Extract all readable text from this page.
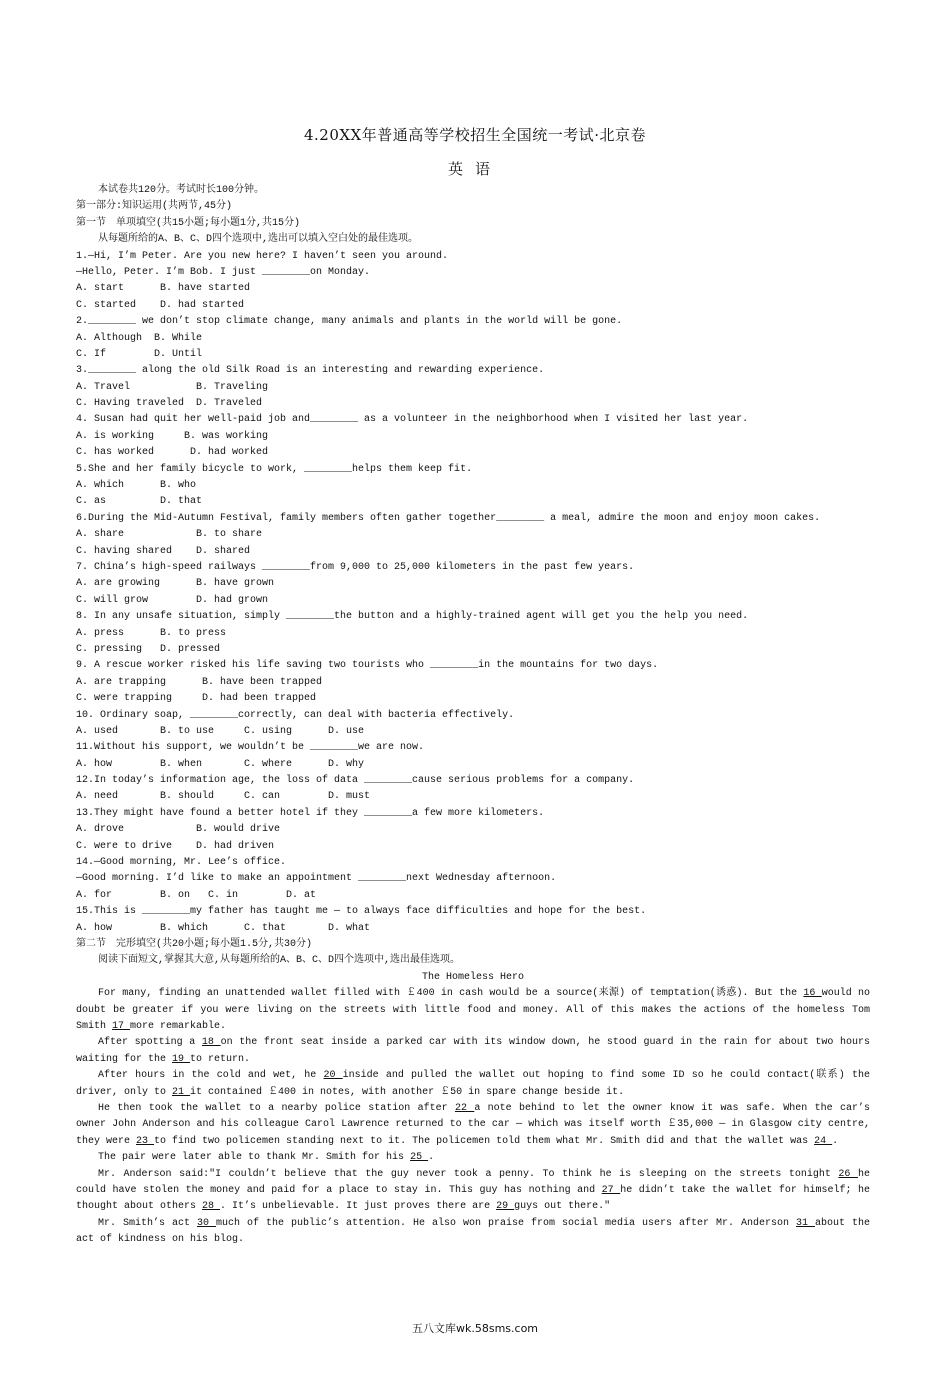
4.20XX年普通高等学校招生全国统一考试·北京卷
英语
本试卷共120分。考试时长100分钟。
第一部分:知识运用(共两节,45分)
第一节　单项填空(共15小题;每小题1分,共15分)
从每题所给的A、B、C、D四个选项中,选出可以填入空白处的最佳选项。
1.—Hi, I’m Peter. Are you new here? I haven’t seen you around.
—Hello, Peter. I’m Bob. I just ________on Monday.
A. start      B. have started
C. started    D. had started
2.________ we don’t stop climate change, many animals and plants in the world will be gone.
A. Although  B. While
C. If        D. Until
3.________ along the old Silk Road is an interesting and rewarding experience.
A. Travel           B. Traveling
C. Having traveled  D. Traveled
4. Susan had quit her well-paid job and________ as a volunteer in the neighborhood when I visited her last year.
A. is working     B. was working
C. has worked      D. had worked
5.She and her family bicycle to work, ________helps them keep fit.
A. which      B. who
C. as         D. that
6.During the Mid-Autumn Festival, family members often gather together________ a meal, admire the moon and enjoy moon cakes.
A. share            B. to share
C. having shared    D. shared
7. China’s high-speed railways ________from 9,000 to 25,000 kilometers in the past few years.
A. are growing      B. have grown
C. will grow        D. had grown
8. In any unsafe situation, simply ________the button and a highly-trained agent will get you the help you need.
A. press      B. to press
C. pressing   D. pressed
9. A rescue worker risked his life saving two tourists who ________in the mountains for two days.
A. are trapping      B. have been trapped
C. were trapping     D. had been trapped
10. Ordinary soap, ________correctly, can deal with bacteria effectively.
A. used       B. to use     C. using      D. use
11.Without his support, we wouldn’t be ________we are now.
A. how        B. when       C. where      D. why
12.In today’s information age, the loss of data ________cause serious problems for a company.
A. need       B. should     C. can        D. must
13.They might have found a better hotel if they ________a few more kilometers.
A. drove            B. would drive
C. were to drive    D. had driven
14.—Good morning, Mr. Lee’s office.
—Good morning. I’d like to make an appointment ________next Wednesday afternoon.
A. for        B. on   C. in        D. at
15.This is ________my father has taught me — to always face difficulties and hope for the best.
A. how        B. which      C. that       D. what
第二节　完形填空(共20小题;每小题1.5分,共30分)
阅读下面短文,掌握其大意,从每题所给的A、B、C、D四个选项中,选出最佳选项。
The Homeless Hero
For many, finding an unattended wallet filled with ￡400 in cash would be a source(来源) of temptation(诱惑). But the 16 would no doubt be greater if you were living on the streets with little food and money. All of this makes the actions of the homeless Tom Smith 17 more remarkable.
After spotting a 18 on the front seat inside a parked car with its window down, he stood guard in the rain for about two hours waiting for the 19 to return.
After hours in the cold and wet, he 20 inside and pulled the wallet out hoping to find some ID so he could contact(联系) the driver, only to 21 it contained ￡400 in notes, with another ￡50 in spare change beside it.
He then took the wallet to a nearby police station after 22 a note behind to let the owner know it was safe. When the car’s owner John Anderson and his colleague Carol Lawrence returned to the car — which was itself worth ￡35,000 — in Glasgow city centre, they were 23 to find two policemen standing next to it. The policemen told them what Mr. Smith did and that the wallet was 24 .
The pair were later able to thank Mr. Smith for his 25 .
Mr. Anderson said:"I couldn’t believe that the guy never took a penny. To think he is sleeping on the streets tonight 26 he could have stolen the money and paid for a place to stay in. This guy has nothing and 27 he didn’t take the wallet for himself; he thought about others 28 . It’s unbelievable. It just proves there are 29 guys out there."
Mr. Smith’s act 30 much of the public’s attention. He also won praise from social media users after Mr. Anderson 31 about the act of kindness on his blog.
五八文库wk.58sms.com
